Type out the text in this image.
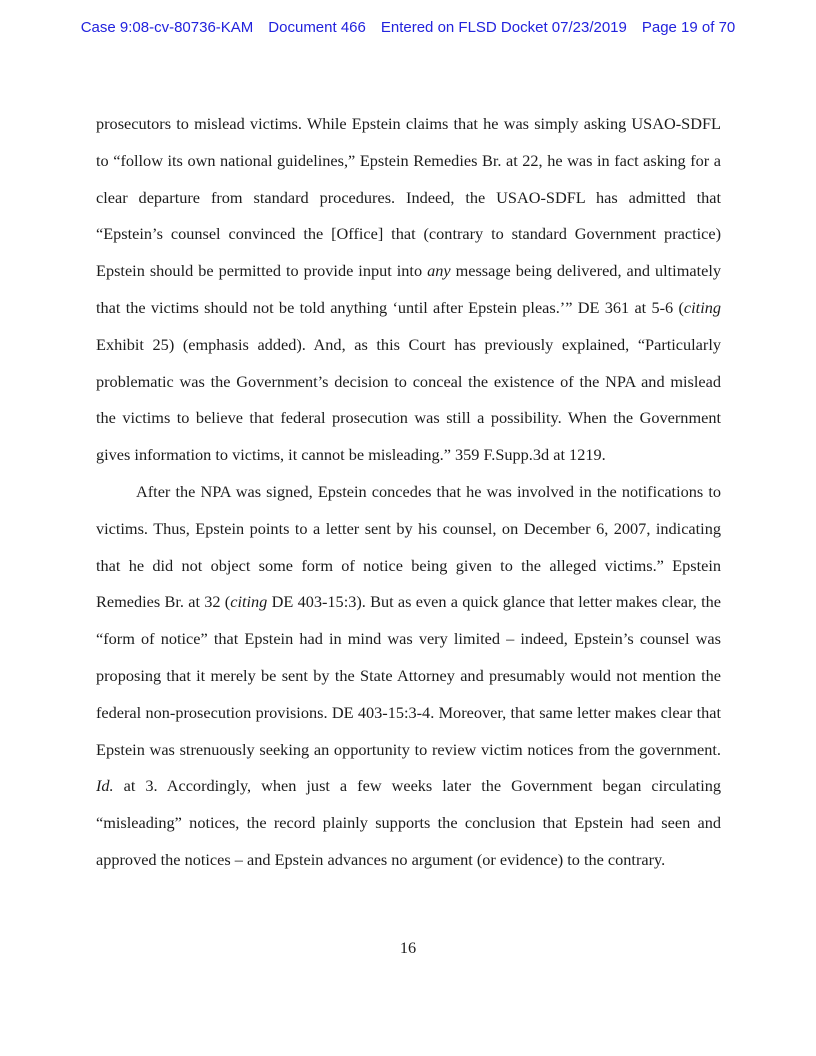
Case 9:08-cv-80736-KAM Document 466 Entered on FLSD Docket 07/23/2019 Page 19 of 70

prosecutors to mislead victims. While Epstein claims that he was simply asking USAO-SDFL to “follow its own national guidelines,” Epstein Remedies Br. at 22, he was in fact asking for a clear departure from standard procedures. Indeed, the USAO-SDFL has admitted that “Epstein’s counsel convinced the [Office] that (contrary to standard Government practice) Epstein should be permitted to provide input into any message being delivered, and ultimately that the victims should not be told anything ‘until after Epstein pleas.’” DE 361 at 5-6 (citing Exhibit 25) (emphasis added). And, as this Court has previously explained, “Particularly problematic was the Government’s decision to conceal the existence of the NPA and mislead the victims to believe that federal prosecution was still a possibility. When the Government gives information to victims, it cannot be misleading.” 359 F.Supp.3d at 1219.

After the NPA was signed, Epstein concedes that he was involved in the notifications to victims. Thus, Epstein points to a letter sent by his counsel, on December 6, 2007, indicating that he did not object some form of notice being given to the alleged victims.” Epstein Remedies Br. at 32 (citing DE 403-15:3). But as even a quick glance that letter makes clear, the “form of notice” that Epstein had in mind was very limited – indeed, Epstein’s counsel was proposing that it merely be sent by the State Attorney and presumably would not mention the federal non-prosecution provisions. DE 403-15:3-4. Moreover, that same letter makes clear that Epstein was strenuously seeking an opportunity to review victim notices from the government. Id. at 3. Accordingly, when just a few weeks later the Government began circulating “misleading” notices, the record plainly supports the conclusion that Epstein had seen and approved the notices – and Epstein advances no argument (or evidence) to the contrary.

16
